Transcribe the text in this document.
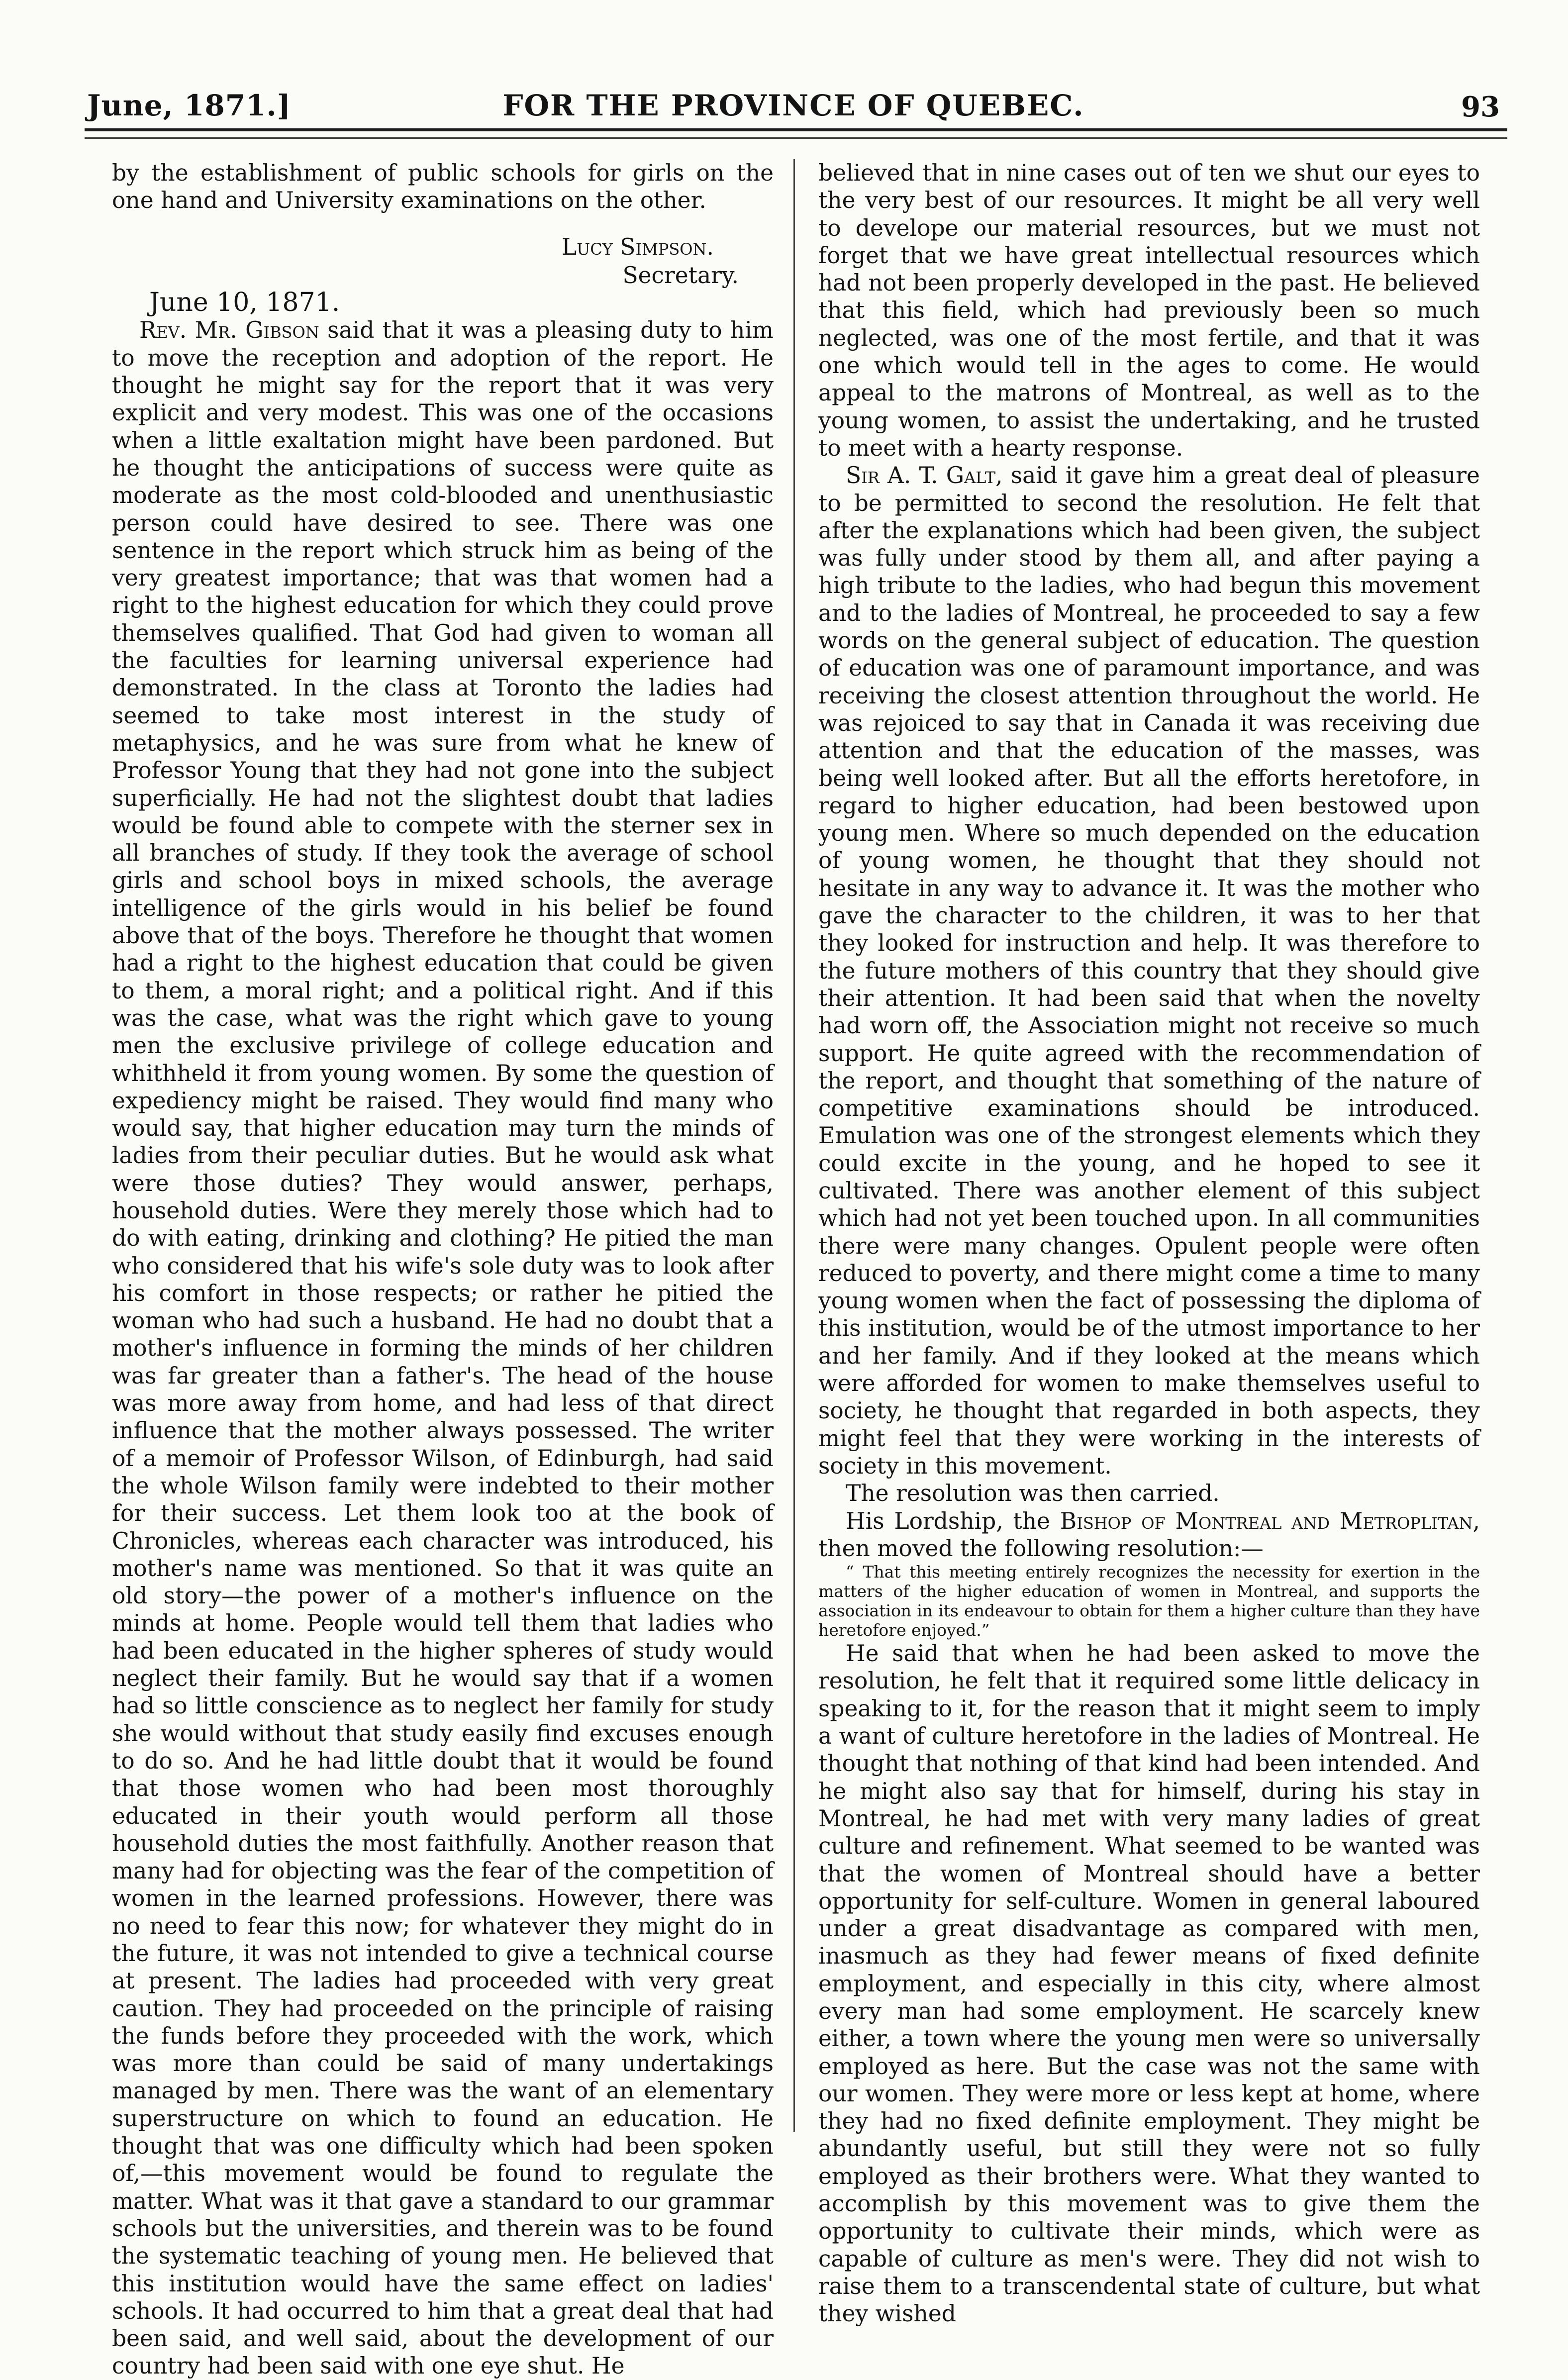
June, 1871.]	FOR THE PROVINCE OF QUEBEC.	93

by the establishment of public schools for girls on the one hand and University examinations on the other.

Lucy Simpson.
Secretary.

June 10, 1871.

Rev. Mr. Gibson said that it was a pleasing duty to him to move the reception and adoption of the report. He thought he might say for the report that it was very explicit and very modest. This was one of the occasions when a little exaltation might have been pardoned. But he thought the anticipations of success were quite as moderate as the most cold-blooded and unenthusiastic person could have desired to see. There was one sentence in the report which struck him as being of the very greatest importance; that was that women had a right to the highest education for which they could prove themselves qualified. That God had given to woman all the faculties for learning universal experience had demonstrated. In the class at Toronto the ladies had seemed to take most interest in the study of metaphysics, and he was sure from what he knew of Professor Young that they had not gone into the subject superficially. He had not the slightest doubt that ladies would be found able to compete with the sterner sex in all branches of study. If they took the average of school girls and school boys in mixed schools, the average intelligence of the girls would in his belief be found above that of the boys. Therefore he thought that women had a right to the highest education that could be given to them, a moral right; and a political right. And if this was the case, what was the right which gave to young men the exclusive privilege of college education and whithheld it from young women. By some the question of expediency might be raised. They would find many who would say, that higher education may turn the minds of ladies from their peculiar duties. But he would ask what were those duties? They would answer, perhaps, household duties. Were they merely those which had to do with eating, drinking and clothing? He pitied the man who considered that his wife's sole duty was to look after his comfort in those respects; or rather he pitied the woman who had such a husband. He had no doubt that a mother's influence in forming the minds of her children was far greater than a father's. The head of the house was more away from home, and had less of that direct influence that the mother always possessed. The writer of a memoir of Professor Wilson, of Edinburgh, had said the whole Wilson family were indebted to their mother for their success. Let them look too at the book of Chronicles, whereas each character was introduced, his mother's name was mentioned. So that it was quite an old story—the power of a mother's influence on the minds at home. People would tell them that ladies who had been educated in the higher spheres of study would neglect their family. But he would say that if a women had so little conscience as to neglect her family for study she would without that study easily find excuses enough to do so. And he had little doubt that it would be found that those women who had been most thoroughly educated in their youth would perform all those household duties the most faithfully. Another reason that many had for objecting was the fear of the competition of women in the learned professions. However, there was no need to fear this now; for whatever they might do in the future, it was not intended to give a technical course at present. The ladies had proceeded with very great caution. They had proceeded on the principle of raising the funds before they proceeded with the work, which was more than could be said of many undertakings managed by men. There was the want of an elementary superstructure on which to found an education. He thought that was one difficulty which had been spoken of,—this movement would be found to regulate the matter. What was it that gave a standard to our grammar schools but the universities, and therein was to be found the systematic teaching of young men. He believed that this institution would have the same effect on ladies' schools. It had occurred to him that a great deal that had been said, and well said, about the development of our country had been said with one eye shut. He

believed that in nine cases out of ten we shut our eyes to the very best of our resources. It might be all very well to develope our material resources, but we must not forget that we have great intellectual resources which had not been properly developed in the past. He believed that this field, which had previously been so much neglected, was one of the most fertile, and that it was one which would tell in the ages to come. He would appeal to the matrons of Montreal, as well as to the young women, to assist the undertaking, and he trusted to meet with a hearty response.

Sir A. T. Galt, said it gave him a great deal of pleasure to be permitted to second the resolution. He felt that after the explanations which had been given, the subject was fully under stood by them all, and after paying a high tribute to the ladies, who had begun this movement and to the ladies of Montreal, he proceeded to say a few words on the general subject of education. The question of education was one of paramount importance, and was receiving the closest attention throughout the world. He was rejoiced to say that in Canada it was receiving due attention and that the education of the masses, was being well looked after. But all the efforts heretofore, in regard to higher education, had been bestowed upon young men. Where so much depended on the education of young women, he thought that they should not hesitate in any way to advance it. It was the mother who gave the character to the children, it was to her that they looked for instruction and help. It was therefore to the future mothers of this country that they should give their attention. It had been said that when the novelty had worn off, the Association might not receive so much support. He quite agreed with the recommendation of the report, and thought that something of the nature of competitive examinations should be introduced. Emulation was one of the strongest elements which they could excite in the young, and he hoped to see it cultivated. There was another element of this subject which had not yet been touched upon. In all communities there were many changes. Opulent people were often reduced to poverty, and there might come a time to many young women when the fact of possessing the diploma of this institution, would be of the utmost importance to her and her family. And if they looked at the means which were afforded for women to make themselves useful to society, he thought that regarded in both aspects, they might feel that they were working in the interests of society in this movement.

The resolution was then carried.

His Lordship, the Bishop of Montreal and Metroplitan, then moved the following resolution:—

“ That this meeting entirely recognizes the necessity for exertion in the matters of the higher education of women in Montreal, and supports the association in its endeavour to obtain for them a higher culture than they have heretofore enjoyed.”

He said that when he had been asked to move the resolution, he felt that it required some little delicacy in speaking to it, for the reason that it might seem to imply a want of culture heretofore in the ladies of Montreal. He thought that nothing of that kind had been intended. And he might also say that for himself, during his stay in Montreal, he had met with very many ladies of great culture and refinement. What seemed to be wanted was that the women of Montreal should have a better opportunity for self-culture. Women in general laboured under a great disadvantage as compared with men, inasmuch as they had fewer means of fixed definite employment, and especially in this city, where almost every man had some employment. He scarcely knew either, a town where the young men were so universally employed as here. But the case was not the same with our women. They were more or less kept at home, where they had no fixed definite employment. They might be abundantly useful, but still they were not so fully employed as their brothers were. What they wanted to accomplish by this movement was to give them the opportunity to cultivate their minds, which were as capable of culture as men's were. They did not wish to raise them to a transcendental state of culture, but what they wished
